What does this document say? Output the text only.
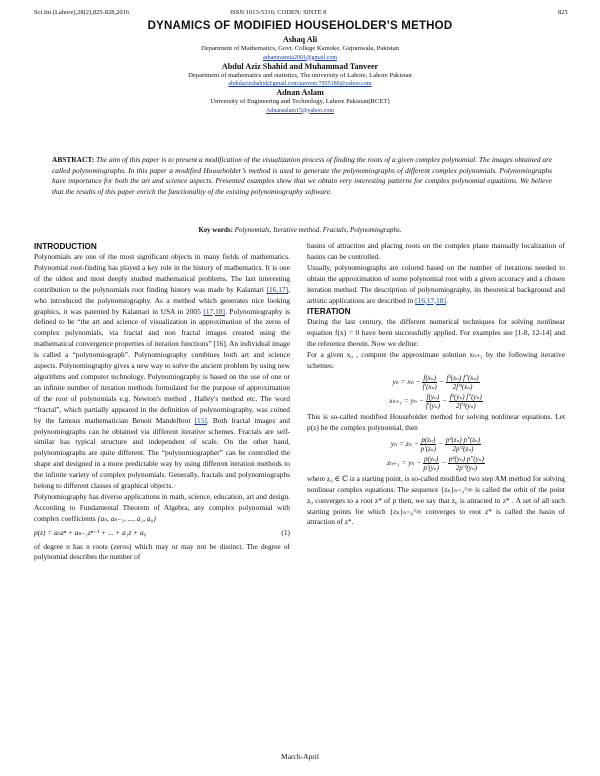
Sci.Int.(Lahore),28(2),825-828,2016	ISSN 1013-5316; CODEN: SINTE 8	825
DYNAMICS OF MODIFIED HOUSEHOLDER’S METHOD
Ashaq Ali
Department of Mathematics, Govt. College Kamoke, Gujranwala, Pakistan
arhamrasmia2001@gmail.com
Abdul Aziz Shahid and Muhammad Tanveer
Department of mathematics and statistics, The university of Lahore, Lahore Pakistan
abdulazizshahid@gmail.com;tanveer.7955180@yahoo.com
Adnan Aslam
University of Engineering and Technology, Lahore Pakistan(RCET)
Adnanaslam15@yahoo.com
ABSTRACT: The aim of this paper is to present a modification of the visualization process of finding the roots of a given complex polynomial. The images obtained are called polynomiographs. In this paper a modified Householder’s method is used to generate the polynomiographs of different complex polynomials. Polynomiographs have importance for both the art and science aspects. Presented examples show that we obtain very interesting patterns for complex polynomial equations. We believe that the results of this paper enrich the functionality of the existing polynomiography software.
Key words: Polynomials, Iterative method, Fractals, Polynomiographs.
INTRODUCTION

Polynomials are one of the most significant objects in many fields of mathematics. Polynomial root-finding has played a key role in the history of mathematics. It is one of the oldest and most deeply studied mathematical problems. The last interesting contribution to the polynomials root finding history was made by Kalantari [16,17], who introduced the polynomiography. As a method which generates nice looking graphics, it was patented by Kalantari in USA in 2005 [17,18]. Polynomiography is defined to be “the art and science of visualization in approximation of the zeros of complex polynomials, via fractal and non fractal images created using the mathematical convergence properties of iteration functions” [16]. An individual image is called a “polynomiograph”. Polynomiography combines both art and science aspects. Polynomiography gives a new way to solve the ancient problem by using new algorithms and computer technology. Polynomiography is based on the use of one or an infinite number of iteration methods formulated for the purpose of approximation of the root of polynomials e.g. Newton's method , Halley's method etc. The word “fractal”, which partially appeared in the definition of polynomiography, was coined by the famous mathematician Benoit Mandelbrot [15]. Both fractal images and polynomiographs can be obtained via different iterative schemes. Fractals are self-similar has typical structure and independent of scale. On the other hand, polynomiographs are quite different. The “polynomiographer” can be controlled the shape and designed in a more predictable way by using different iteration methods to the infinite variety of complex polynomials. Generally, fractals and polynomiographs belong to different classes of graphical objects.

Polynomiography has diverse applications in math, science, education, art and design. According to Fundamental Theorem of Algebra, any complex polynomial with complex coefficients {aₙ, aₙ₋₁, ..., a₁, a₀}

p(z) = aₙzⁿ + aₙ₋₁zⁿ⁻¹ + ... + a₁z + a₀	(1)

of degree n has n roots (zeros) which may or may not be distinct. The degree of polynomial describes the number of

basins of attraction and placing roots on the complex plane manually localization of basins can be controlled.

Usually, polynomiographs are colored based on the number of iterations needed to obtain the approximation of some polynomial root with a given accuracy and a chosen iteration method. The description of polynomiography, its theoretical background and artistic applications are described in [16,17,18].

ITERATION

During the last century, the different numerical techniques for solving nonlinear equation f(x) = 0 have been successfully applied. For examples see [1-8, 12-14] and the reference therein. Now we define:

For a given x₀ , compute the approximate solution xₙ₊₁ by the following iterative schemes:

$y_n = x_n - \frac{\text{f(xₙ)}}{\text{f′(xₙ)}} - \frac{\text{f²(xₙ) f″(xₙ)}}{\text{2f′³(xₙ)}}$
$x_{n+1} = y_n - \frac{\text{f(yₙ)}}{\text{f′(yₙ)}} - \frac{\text{f²(yₙ) f″(yₙ)}}{\text{2f′³(yₙ)}}$

This is so-called modified Householder method for solving nonlinear equations. Let p(z) be the complex polynomial, then

$y_n = z_n - \frac{\text{p(zₙ)}}{\text{p′(zₙ)}} - \frac{\text{p²(zₙ) p″(zₙ)}}{\text{2p′³(zₙ)}}$
$z_{n+1} = y_n - \frac{\text{p(yₙ)}}{\text{p′(yₙ)}} - \frac{\text{p²(yₙ) p″(yₙ)}}{\text{2p′³(yₙ)}}$

where z₀ ∈ ℂ is a starting point, is so-called modified two step AM method for solving nonlinear complex equations. The sequence {zₙ}ₙ₌₀^∞ is called the orbit of the point z₀ converges to a root z* of p then, we say that z₀ is attracted to z* . A set of all such starting points for which {zₙ}ₙ₌₀^∞ converges to root z* is called the basin of attraction of z*.

March-April
